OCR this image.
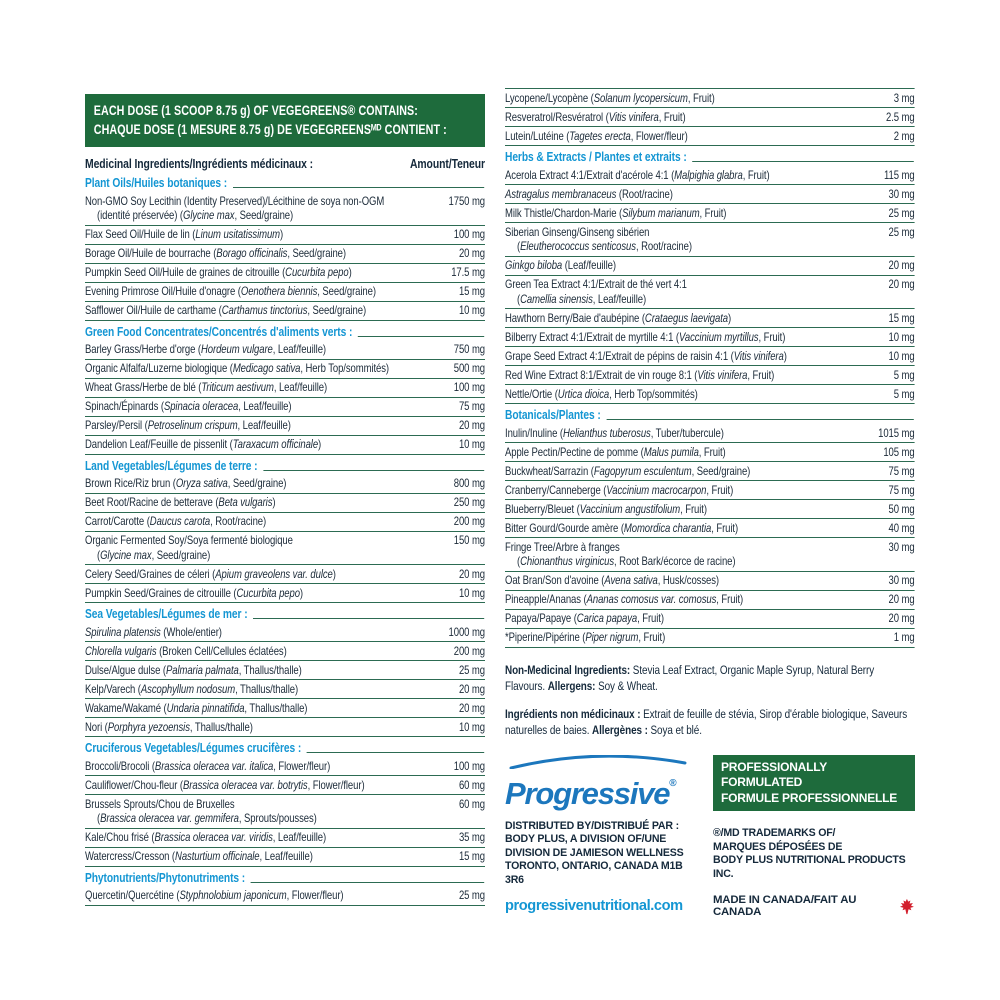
EACH DOSE (1 SCOOP 8.75 g) OF VEGEGREENS® CONTAINS:
CHAQUE DOSE (1 MESURE 8.75 g) DE VEGEGREENSᴹᴰ CONTIENT :
Medicinal Ingredients/Ingrédients médicinaux :	Amount/Teneur
Plant Oils/Huiles botaniques :
Non-GMO Soy Lecithin (Identity Preserved)/Lécithine de soya non-OGM	1750 mg
(identité préservée) (Glycine max, Seed/graine)
Flax Seed Oil/Huile de lin (Linum usitatissimum)	100 mg
Borage Oil/Huile de bourrache (Borago officinalis, Seed/graine)	20 mg
Pumpkin Seed Oil/Huile de graines de citrouille (Cucurbita pepo)	17.5 mg
Evening Primrose Oil/Huile d'onagre (Oenothera biennis, Seed/graine)	15 mg
Safflower Oil/Huile de carthame (Carthamus tinctorius, Seed/graine)	10 mg
Green Food Concentrates/Concentrés d'aliments verts :
Barley Grass/Herbe d'orge (Hordeum vulgare, Leaf/feuille)	750 mg
Organic Alfalfa/Luzerne biologique (Medicago sativa, Herb Top/sommités)	500 mg
Wheat Grass/Herbe de blé (Triticum aestivum, Leaf/feuille)	100 mg
Spinach/Épinards (Spinacia oleracea, Leaf/feuille)	75 mg
Parsley/Persil (Petroselinum crispum, Leaf/feuille)	20 mg
Dandelion Leaf/Feuille de pissenlit (Taraxacum officinale)	10 mg
Land Vegetables/Légumes de terre :
Brown Rice/Riz brun (Oryza sativa, Seed/graine)	800 mg
Beet Root/Racine de betterave (Beta vulgaris)	250 mg
Carrot/Carotte (Daucus carota, Root/racine)	200 mg
Organic Fermented Soy/Soya fermenté biologique	150 mg
(Glycine max, Seed/graine)
Celery Seed/Graines de céleri (Apium graveolens var. dulce)	20 mg
Pumpkin Seed/Graines de citrouille (Cucurbita pepo)	10 mg
Sea Vegetables/Légumes de mer :
Spirulina platensis (Whole/entier)	1000 mg
Chlorella vulgaris (Broken Cell/Cellules éclatées)	200 mg
Dulse/Algue dulse (Palmaria palmata, Thallus/thalle)	25 mg
Kelp/Varech (Ascophyllum nodosum, Thallus/thalle)	20 mg
Wakame/Wakamé (Undaria pinnatifida, Thallus/thalle)	20 mg
Nori (Porphyra yezoensis, Thallus/thalle)	10 mg
Cruciferous Vegetables/Légumes crucifères :
Broccoli/Brocoli (Brassica oleracea var. italica, Flower/fleur)	100 mg
Cauliflower/Chou-fleur (Brassica oleracea var. botrytis, Flower/fleur)	60 mg
Brussels Sprouts/Chou de Bruxelles	60 mg
(Brassica oleracea var. gemmifera, Sprouts/pousses)
Kale/Chou frisé (Brassica oleracea var. viridis, Leaf/feuille)	35 mg
Watercress/Cresson (Nasturtium officinale, Leaf/feuille)	15 mg
Phytonutrients/Phytonutriments :
Quercetin/Quercétine (Styphnolobium japonicum, Flower/fleur)	25 mg
Lycopene/Lycopène (Solanum lycopersicum, Fruit)	3 mg
Resveratrol/Resvératrol (Vitis vinifera, Fruit)	2.5 mg
Lutein/Lutéine (Tagetes erecta, Flower/fleur)	2 mg
Herbs & Extracts / Plantes et extraits :
Acerola Extract 4:1/Extrait d'acérole 4:1 (Malpighia glabra, Fruit)	115 mg
Astragalus membranaceus (Root/racine)	30 mg
Milk Thistle/Chardon-Marie (Silybum marianum, Fruit)	25 mg
Siberian Ginseng/Ginseng sibérien	25 mg
(Eleutherococcus senticosus, Root/racine)
Ginkgo biloba (Leaf/feuille)	20 mg
Green Tea Extract 4:1/Extrait de thé vert 4:1	20 mg
(Camellia sinensis, Leaf/feuille)
Hawthorn Berry/Baie d'aubépine (Crataegus laevigata)	15 mg
Bilberry Extract 4:1/Extrait de myrtille 4:1 (Vaccinium myrtillus, Fruit)	10 mg
Grape Seed Extract 4:1/Extrait de pépins de raisin 4:1 (Vitis vinifera)	10 mg
Red Wine Extract 8:1/Extrait de vin rouge 8:1 (Vitis vinifera, Fruit)	5 mg
Nettle/Ortie (Urtica dioica, Herb Top/sommités)	5 mg
Botanicals/Plantes :
Inulin/Inuline (Helianthus tuberosus, Tuber/tubercule)	1015 mg
Apple Pectin/Pectine de pomme (Malus pumila, Fruit)	105 mg
Buckwheat/Sarrazin (Fagopyrum esculentum, Seed/graine)	75 mg
Cranberry/Canneberge (Vaccinium macrocarpon, Fruit)	75 mg
Blueberry/Bleuet (Vaccinium angustifolium, Fruit)	50 mg
Bitter Gourd/Gourde amère (Momordica charantia, Fruit)	40 mg
Fringe Tree/Arbre à franges	30 mg
(Chionanthus virginicus, Root Bark/écorce de racine)
Oat Bran/Son d'avoine (Avena sativa, Husk/cosses)	30 mg
Pineapple/Ananas (Ananas comosus var. comosus, Fruit)	20 mg
Papaya/Papaye (Carica papaya, Fruit)	20 mg
*Piperine/Pipérine (Piper nigrum, Fruit)	1 mg

Non-Medicinal Ingredients: Stevia Leaf Extract, Organic Maple Syrup, Natural Berry Flavours. Allergens: Soy & Wheat.

Ingrédients non médicinaux : Extrait de feuille de stévia, Sirop d'érable biologique, Saveurs naturelles de baies. Allergènes : Soya et blé.

Progressive®
DISTRIBUTED BY/DISTRIBUÉ PAR :
BODY PLUS, A DIVISION OF/UNE
DIVISION DE JAMIESON WELLNESS
TORONTO, ONTARIO, CANADA M1B 3R6
progressivenutritional.com
PROFESSIONALLY FORMULATED
FORMULE PROFESSIONNELLE
®/MD TRADEMARKS OF/
MARQUES DÉPOSÉES DE
BODY PLUS NUTRITIONAL PRODUCTS INC.
MADE IN CANADA/FAIT AU CANADA
